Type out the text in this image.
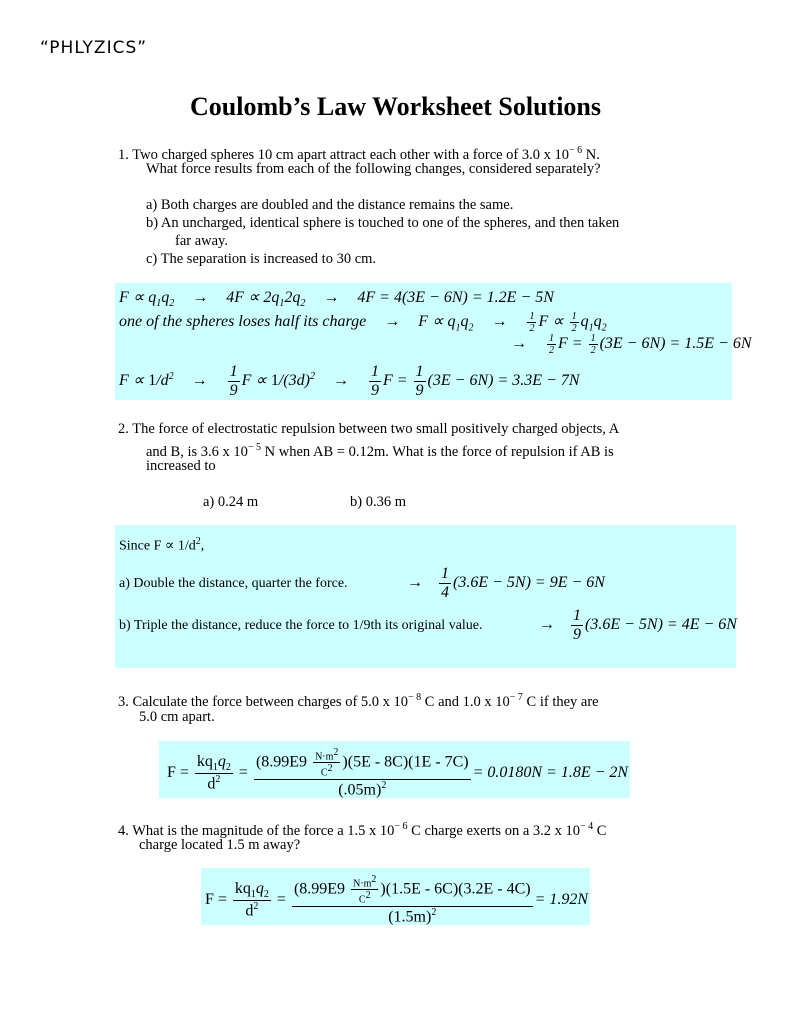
“PHLYZICS”
Coulomb’s Law Worksheet Solutions
1. Two charged spheres 10 cm apart attract each other with a force of 3.0 x $10^{- 6}$ N.
What force results from each of the following changes, considered separately?
a) Both charges are doubled and the distance remains the same.
b) An uncharged, identical sphere is touched to one of the spheres, and then taken
far away.
c) The separation is increased to 30 cm.
$F \propto q_1q_2 \to 4F \propto 2q_12q_2 \to 4F = 4(3E - 6N) = 1.2E - 5N$
one of the spheres loses half its charge → $F \propto q_1q_2 \to \frac{1}{2}$ $F \propto \frac{1}{2} q_1q_2$
→ $\frac{1}{2}$ $F = \frac{1}{2} (3E - 6N) = 1.5E - 6N$
$F \propto 1/d^2 \to \frac{1}{9}$ $F \propto 1/(3d)^2 \to \frac{1}{9}$ $F = \frac{1}{9} (3E - 6N) = 3.3E - 7N$
2. The force of electrostatic repulsion between two small positively charged objects, A
and B, is 3.6 x $10^{- 5}$ N when AB = 0.12m. What is the force of repulsion if AB is
increased to
a) 0.24 m	b) 0.36 m
Since $F \propto 1/d^2$,
a) Double the distance, quarter the force.	→ $\frac{1}{4} (3.6E - 5N) = 9E - 6N$
b) Triple the distance, reduce the force to 1/9th its original value.	→ $\frac{1}{9} (3.6E - 5N) = 4E - 6N$
3. Calculate the force between charges of 5.0 x $10^{- 8}$ C and 1.0 x $10^{- 7}$ C if they are
5.0 cm apart.
$F = \frac{kq_1q_2}{d^2} = \frac{(8.99E9 \frac{N\cdot m^2}{C^2} )(5E - 8C)(1E - 7C)}{(.05m)^2} = 0.0180N = 1.8E - 2N$
4. What is the magnitude of the force a 1.5 x $10^{- 6}$ C charge exerts on a 3.2 x $10^{- 4}$ C
charge located 1.5 m away?
$F = \frac{kq_1q_2}{d^2} = \frac{(8.99E9 \frac{N\cdot m^2}{C^2} )(1.5E - 6C)(3.2E - 4C)}{(1.5m)^2} = 1.92N$
